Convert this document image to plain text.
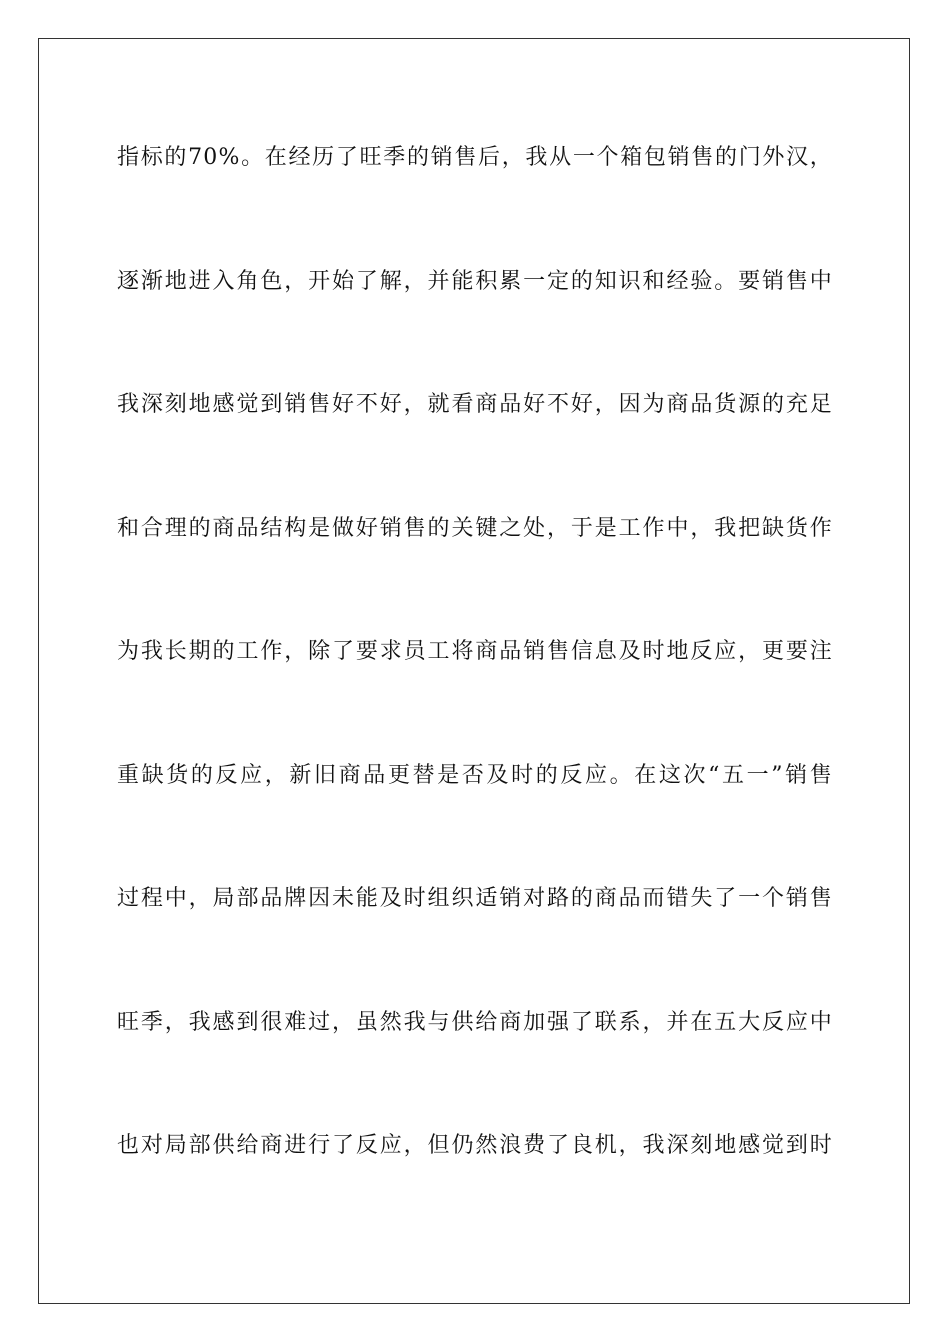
指标的70%。在经历了旺季的销售后，我从一个箱包销售的门外汉，
逐渐地进入角色，开始了解，并能积累一定的知识和经验。要销售中
我深刻地感觉到销售好不好，就看商品好不好，因为商品货源的充足
和合理的商品结构是做好销售的关键之处，于是工作中，我把缺货作
为我长期的工作，除了要求员工将商品销售信息及时地反应，更要注
重缺货的反应，新旧商品更替是否及时的反应。在这次“五一”销售
过程中，局部品牌因未能及时组织适销对路的商品而错失了一个销售
旺季，我感到很难过，虽然我与供给商加强了联系，并在五大反应中
也对局部供给商进行了反应，但仍然浪费了良机，我深刻地感觉到时
